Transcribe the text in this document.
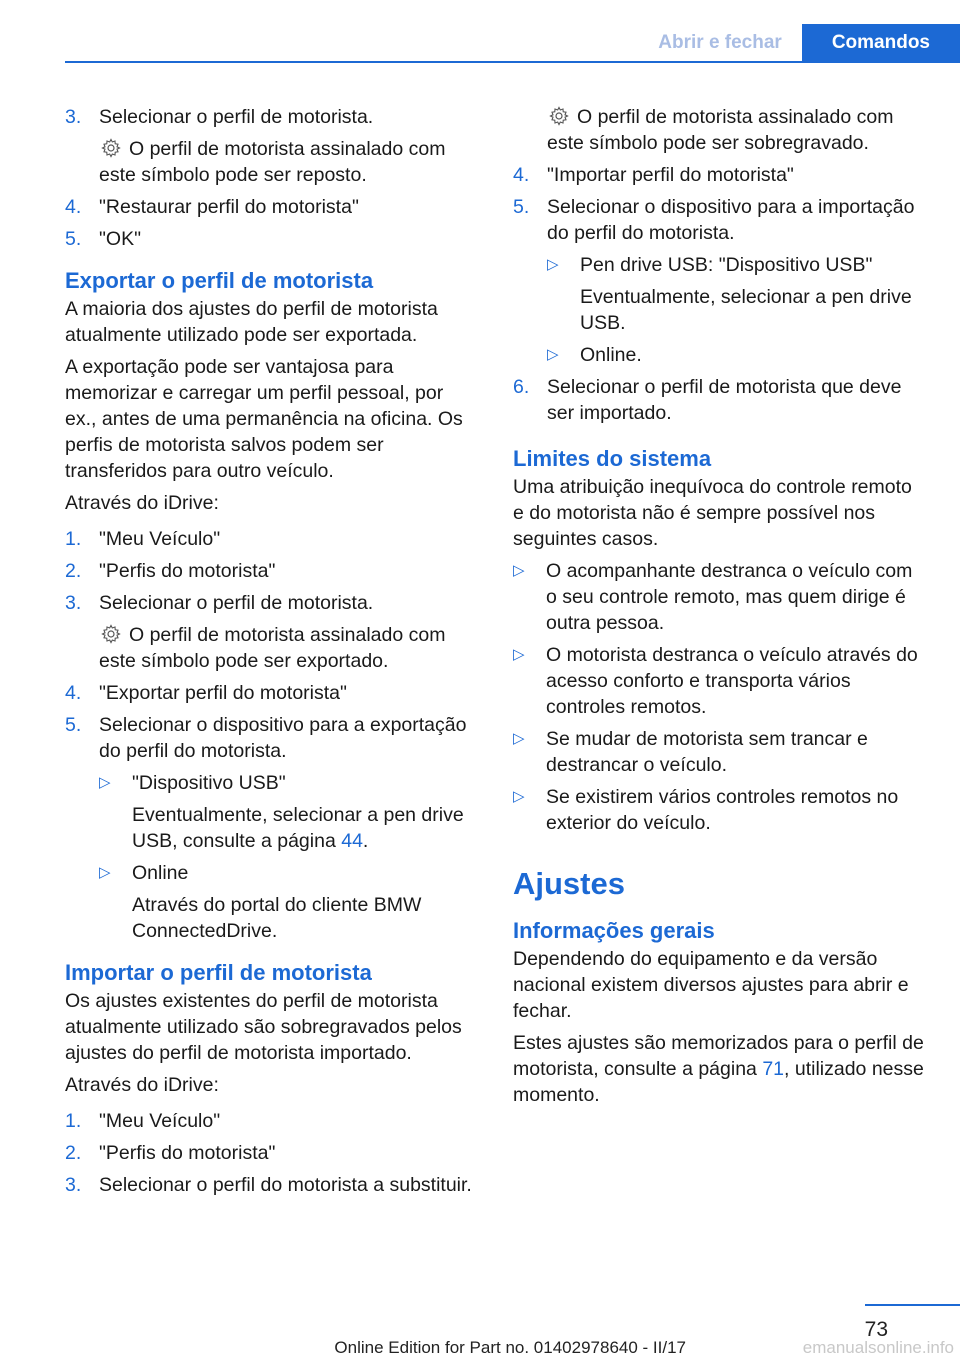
Abrir e fechar	Comandos
3. Selecionar o perfil de motorista.
O perfil de motorista assinalado com este símbolo pode ser reposto.
4. "Restaurar perfil do motorista"
5. "OK"
Exportar o perfil de motorista

A maioria dos ajustes do perfil de motorista atualmente utilizado pode ser exportada.

A exportação pode ser vantajosa para memorizar e carregar um perfil pessoal, por ex., antes de uma permanência na oficina. Os perfis de motorista salvos podem ser transferidos para outro veículo.

Através do iDrive:

1. "Meu Veículo"
2. "Perfis do motorista"
3. Selecionar o perfil de motorista.
O perfil de motorista assinalado com este símbolo pode ser exportado.
4. "Exportar perfil do motorista"
5. Selecionar o dispositivo para a exportação do perfil do motorista.
▷ "Dispositivo USB"
Eventualmente, selecionar a pen drive USB, consulte a página 44.
▷ Online
Através do portal do cliente BMW ConnectedDrive.
Importar o perfil de motorista

Os ajustes existentes do perfil de motorista atualmente utilizado são sobregravados pelos ajustes do perfil de motorista importado.

Através do iDrive:

1. "Meu Veículo"
2. "Perfis do motorista"
3. Selecionar o perfil do motorista a substituir.
O perfil de motorista assinalado com este símbolo pode ser sobregravado.
4. "Importar perfil do motorista"
5. Selecionar o dispositivo para a importação do perfil do motorista.
▷ Pen drive USB: "Dispositivo USB"
Eventualmente, selecionar a pen drive USB.
▷ Online.
6. Selecionar o perfil de motorista que deve ser importado.
Limites do sistema

Uma atribuição inequívoca do controle remoto e do motorista não é sempre possível nos seguintes casos.

▷ O acompanhante destranca o veículo com o seu controle remoto, mas quem dirige é outra pessoa.
▷ O motorista destranca o veículo através do acesso conforto e transporta vários controles remotos.
▷ Se mudar de motorista sem trancar e destrancar o veículo.
▷ Se existirem vários controles remotos no exterior do veículo.
Ajustes
Informações gerais

Dependendo do equipamento e da versão nacional existem diversos ajustes para abrir e fechar.

Estes ajustes são memorizados para o perfil de motorista, consulte a página 71, utilizado nesse momento.

73
Online Edition for Part no. 01402978640 - II/17	emanualsonline.info
